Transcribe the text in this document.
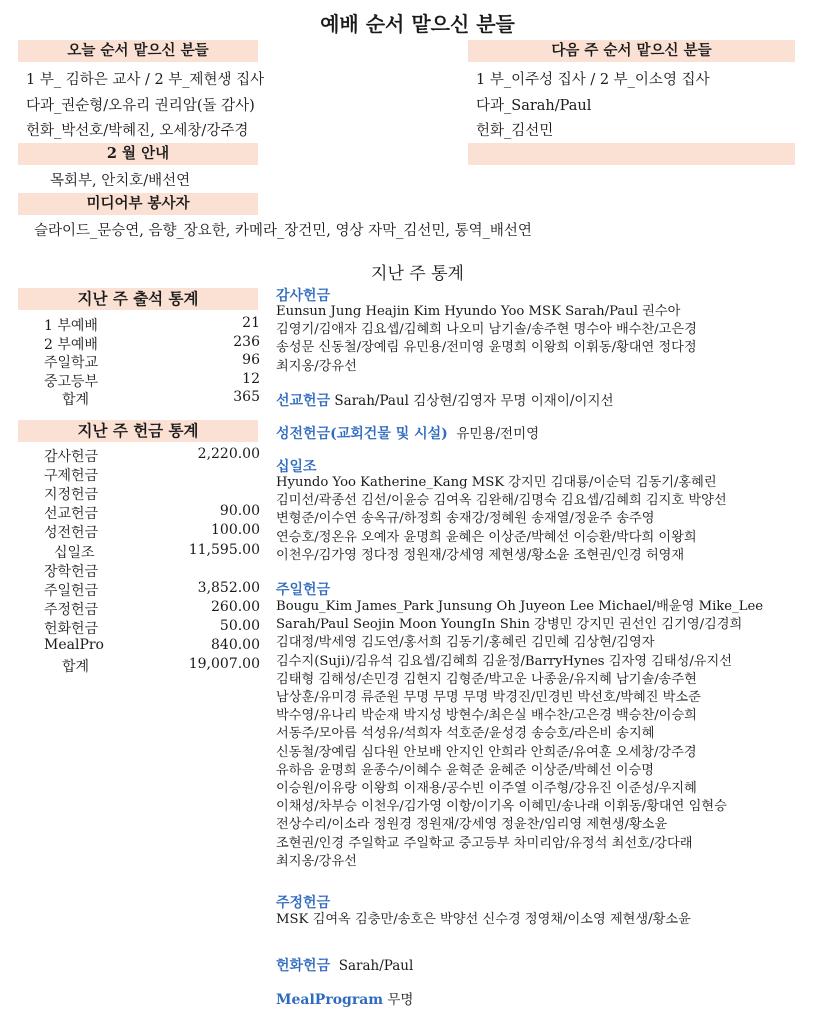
예배 순서 맡으신 분들
오늘 순서 맡으신 분들
1 부_ 김하은 교사 / 2 부_제현생 집사
다과_권순형/오유리 권리암(돌 감사)
헌화_박선호/박혜진, 오세창/강주경
다음 주 순서 맡으신 분들
1 부_이주성 집사 / 2 부_이소영 집사
다과_Sarah/Paul
헌화_김선민
2 월 안내
목회부, 안치호/배선연
미디어부 봉사자
슬라이드_문승연, 음향_장요한, 카메라_장건민, 영상 자막_김선민, 통역_배선연
지난 주 통계
지난 주 출석 통계
1 부예배	21
2 부예배	236
주일학교	96
중고등부	12
합계	365
지난 주 헌금 통계
감사헌금	2,220.00
구제헌금
지정헌금
선교헌금	90.00
성전헌금	100.00
십일조	11,595.00
장학헌금
주일헌금	3,852.00
주정헌금	260.00
헌화헌금	50.00
MealPro	840.00
합계	19,007.00
감사헌금
Eunsun Jung Heajin Kim Hyundo Yoo MSK Sarah/Paul 권수아
김영기/김애자 김요셉/김혜희 나오미 남기솔/송주현 명수아 배수찬/고은경
송성문 신동철/장예림 유민용/전미영 윤명희 이왕희 이휘동/황대연 정다정
최지옹/강유선
선교헌금 Sarah/Paul 김상현/김영자 무명 이재이/이지선
성전헌금(교회건물 및 시설) 유민용/전미영
십일조
Hyundo Yoo Katherine_Kang MSK 강지민 김대룡/이순덕 김동기/홍혜린
김미선/곽종선 김선/이윤승 김여옥 김완해/김명숙 김요셉/김혜희 김지호 박양선
변형준/이수연 송옥규/하정희 송재강/정혜원 송재열/정윤주 송주영
연승호/정온유 오예자 윤명희 윤혜은 이상준/박혜선 이승환/박다희 이왕희
이천우/김가영 정다정 정원재/강세영 제현생/황소윤 조현권/인경 허영재
주일헌금
Bougu_Kim James_Park Junsung Oh Juyeon Lee Michael/배윤영 Mike_Lee
Sarah/Paul Seojin Moon YoungIn Shin 강병민 강지민 권선인 김기영/김경희
김대정/박세영 김도연/홍서희 김동기/홍혜린 김민혜 김상현/김영자
김수지(Suji)/김유석 김요셉/김혜희 김윤정/BarryHynes 김자영 김태성/유지선
김태형 김해성/손민경 김현지 김형준/박고운 나종윤/유지혜 남기솔/송주현
남상훈/유미경 류준원 무명 무명 무명 박경진/민경빈 박선호/박혜진 박소준
박수영/유나리 박순재 박지성 방현수/최은실 배수찬/고은경 백승찬/이승희
서동주/모아름 석성유/석희자 석호준/윤성경 송승호/라은비 송지혜
신동철/장예림 심다원 안보배 안지인 안희라 안희준/유여훈 오세창/강주경
유하음 윤명희 윤종수/이혜수 윤혁준 윤혜준 이상준/박혜선 이승명
이승원/이유랑 이왕희 이재용/공수빈 이주열 이주형/강유진 이준성/우지혜
이채성/차부승 이천우/김가영 이항/이기옥 이혜민/송나래 이휘동/황대연 임현승
전상수리/이소라 정원경 정원재/강세영 정윤찬/임리영 제현생/황소윤
조현권/인경 주일학교 주일학교 중고등부 차미리암/유정석 최선호/강다래
최지옹/강유선
주정헌금
MSK 김여옥 김충만/송호은 박양선 신수경 정영채/이소영 제현생/황소윤
헌화헌금 Sarah/Paul
MealProgram 무명
